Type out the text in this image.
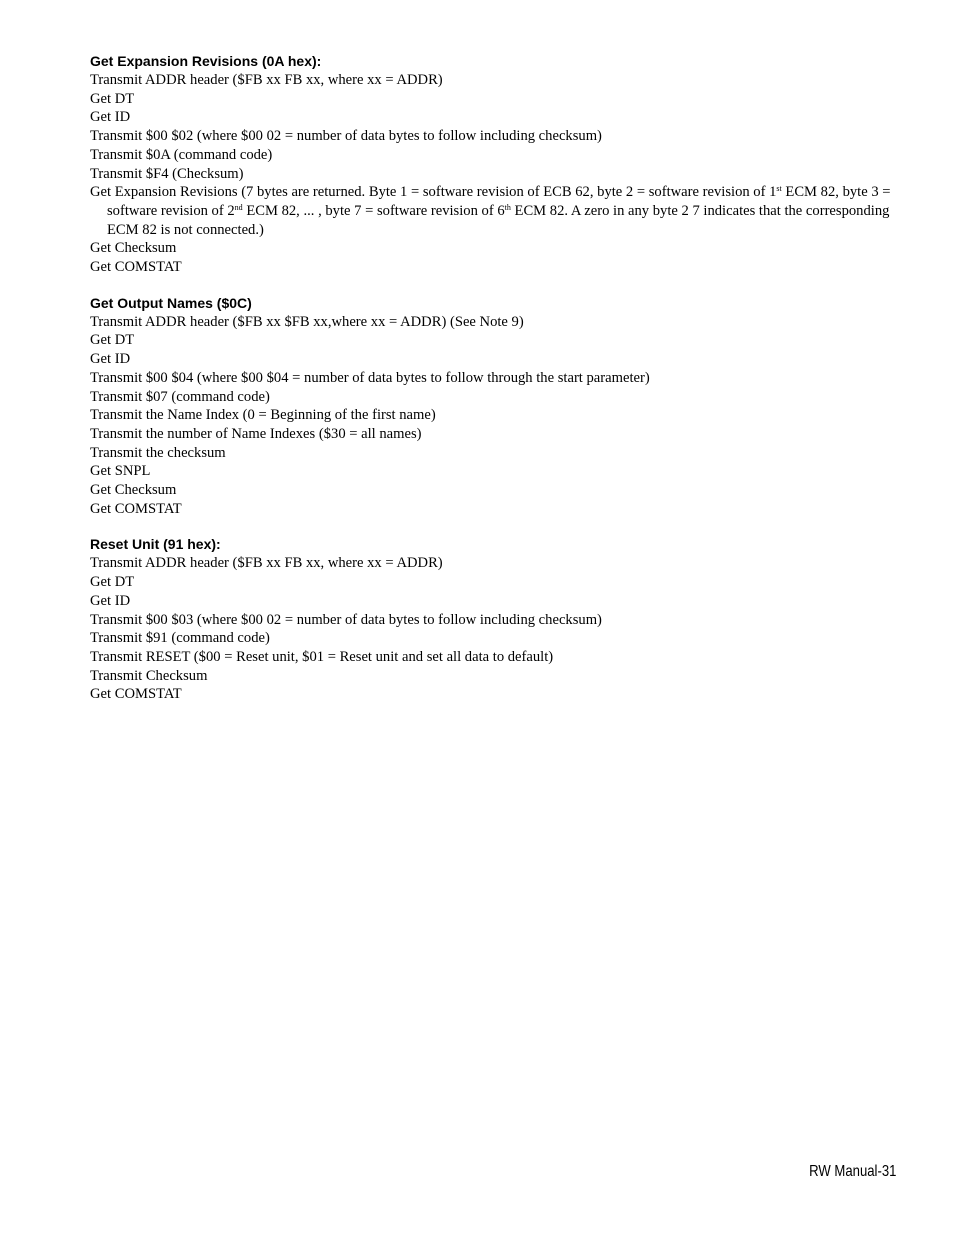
Get Expansion Revisions (0A hex):

Transmit ADDR header ($FB xx FB xx, where xx = ADDR)

Get DT

Get ID

Transmit $00 $02 (where $00 02 = number of data bytes to follow including checksum)

Transmit $0A (command code)

Transmit $F4 (Checksum)

Get Expansion Revisions (7 bytes are returned. Byte 1 = software revision of ECB 62, byte 2 = software revision of 1st ECM 82, byte 3 = software revision of 2nd ECM 82, ... , byte 7 = software revision of 6th ECM 82. A zero in any byte 2 7 indicates that the corresponding ECM 82 is not connected.)

Get Checksum

Get COMSTAT

Get Output Names ($0C)

Transmit ADDR header ($FB xx $FB xx,where xx = ADDR) (See Note 9)

Get DT

Get ID

Transmit $00 $04 (where $00 $04 = number of data bytes to follow through the start parameter)

Transmit $07 (command code)

Transmit the Name Index (0 = Beginning of the first name)

Transmit the number of Name Indexes ($30 = all names)

Transmit the checksum

Get SNPL

Get Checksum

Get COMSTAT

Reset Unit (91 hex):

Transmit ADDR header ($FB xx FB xx, where xx = ADDR)

Get DT

Get ID

Transmit $00 $03 (where $00 02 = number of data bytes to follow including checksum)

Transmit $91 (command code)

Transmit RESET ($00 = Reset unit, $01 = Reset unit and set all data to default)

Transmit Checksum

Get COMSTAT

RW Manual-31
